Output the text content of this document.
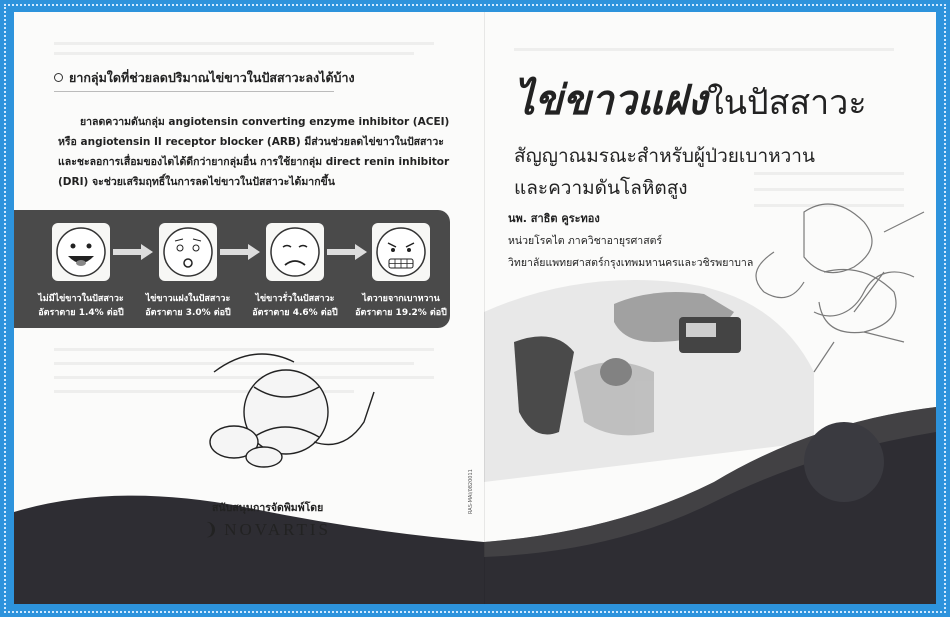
ยากลุ่มใดที่ช่วยลดปริมาณไข่ขาวในปัสสาวะลงได้บ้าง

ยาลดความดันกลุ่ม angiotensin converting enzyme inhibitor (ACEI)

หรือ angiotensin II receptor blocker (ARB) มีส่วนช่วยลดไข่ขาวในปัสสาวะ

และชะลอการเสื่อมของไตได้ดีกว่ายากลุ่มอื่น การใช้ยากลุ่ม direct renin inhibitor

(DRI) จะช่วยเสริมฤทธิ์ในการลดไข่ขาวในปัสสาวะได้มากขึ้น

ไม่มีไข่ขาวในปัสสาวะ
อัตราตาย 1.4% ต่อปี
ไข่ขาวแฝงในปัสสาวะ
อัตราตาย 3.0% ต่อปี
ไข่ขาวรั่วในปัสสาวะ
อัตราตาย 4.6% ต่อปี
ไตวายจากเบาหวาน
อัตราตาย 19.2% ต่อปี
สนับสนุนการจัดพิมพ์โดย
❩ NOVARTIS
RAS-MAI/0820011
ไข่ขาวแฝงในปัสสาวะ
สัญญาณมรณะสำหรับผู้ป่วยเบาหวาน
และความดันโลหิตสูง
นพ. สาธิต คูระทอง
หน่วยโรคไต ภาควิชาอายุรศาสตร์
วิทยาลัยแพทยศาสตร์กรุงเทพมหานครและวชิรพยาบาล
